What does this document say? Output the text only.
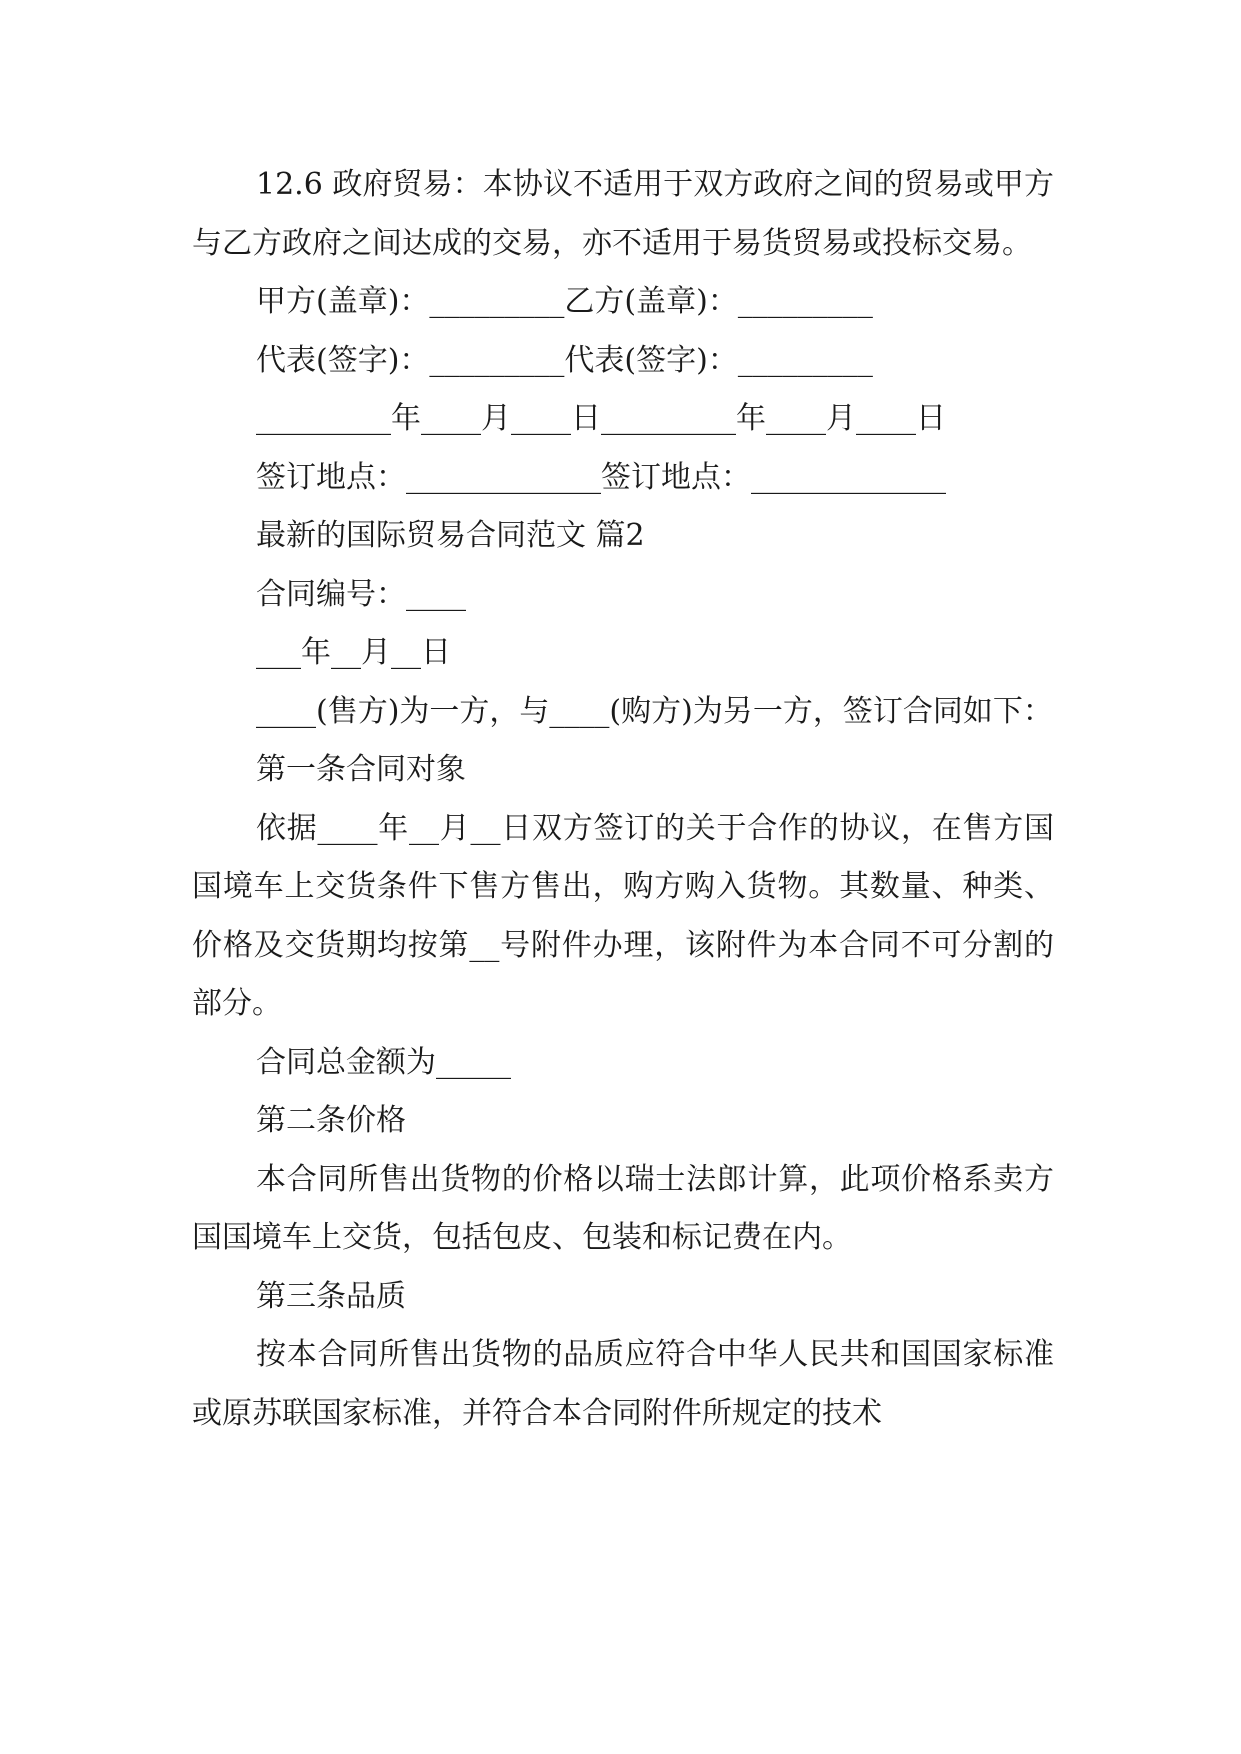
12.6 政府贸易：本协议不适用于双方政府之间的贸易或甲方与乙方政府之间达成的交易，亦不适用于易货贸易或投标交易。

甲方(盖章)：_________乙方(盖章)：_________

代表(签字)：_________代表(签字)：_________

_________年____月____日_________年____月____日

签订地点：_____________签订地点：_____________

最新的国际贸易合同范文 篇2

合同编号：____

___年__月__日

____(售方)为一方，与____(购方)为另一方，签订合同如下：

第一条合同对象

依据____年__月__日双方签订的关于合作的协议，在售方国国境车上交货条件下售方售出，购方购入货物。其数量、种类、价格及交货期均按第__号附件办理，该附件为本合同不可分割的部分。

合同总金额为_____

第二条价格

本合同所售出货物的价格以瑞士法郎计算，此项价格系卖方国国境车上交货，包括包皮、包装和标记费在内。

第三条品质

按本合同所售出货物的品质应符合中华人民共和国国家标准或原苏联国家标准，并符合本合同附件所规定的技术
